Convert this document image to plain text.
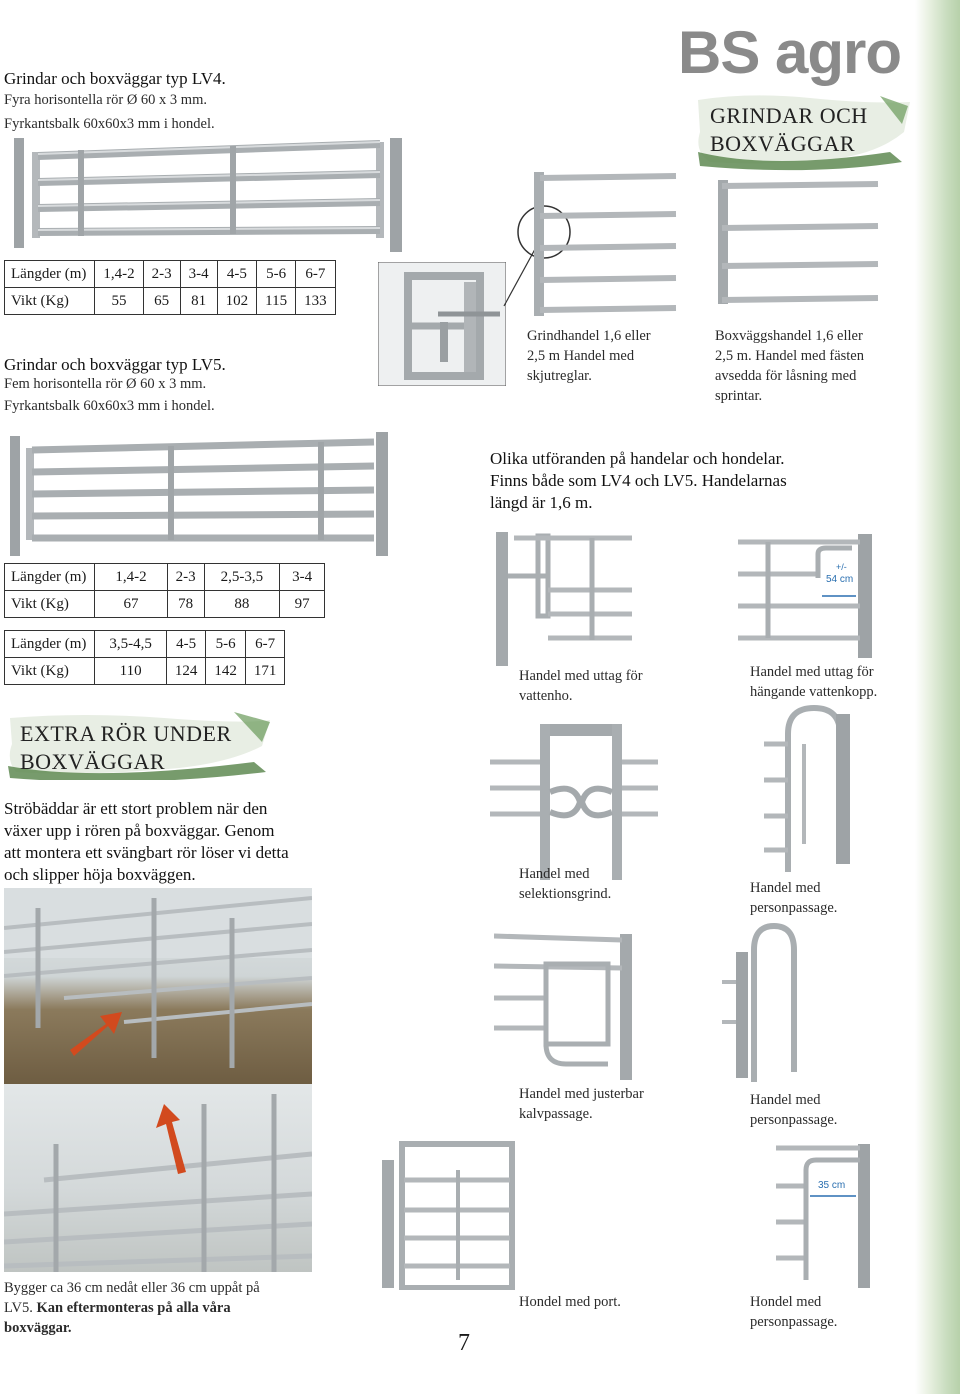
BS agro
GRINDAR OCH
BOXVÄGGAR
Grindar och boxväggar typ LV4.
Fyra horisontella rör Ø 60 x 3 mm.
Fyrkantsbalk 60x60x3 mm i hondel.
Längder (m)	1,4-2	2-3	3-4	4-5	5-6	6-7
Vikt (Kg)	55	65	81	102	115	133
Grindar och boxväggar typ LV5.
Fem horisontella rör Ø 60 x 3 mm.
Fyrkantsbalk 60x60x3 mm i hondel.
Grindhandel 1,6 eller
2,5 m Handel med
skjutreglar.
Boxväggshandel 1,6 eller
2,5 m. Handel med fästen
avsedda för låsning med
sprintar.
Olika utföranden på handelar och hondelar.
Finns både som LV4 och LV5. Handelarnas
längd är 1,6 m.
Längder (m)	1,4-2	2-3	2,5-3,5	3-4
Vikt (Kg)	67	78	88	97
Längder (m)	3,5-4,5	4-5	5-6	6-7
Vikt (Kg)	110	124	142	171	Handel med uttag för
vattenho.
+/-
54 cm
Handel med uttag för
hängande vattenkopp.
EXTRA RÖR UNDER
BOXVÄGGAR
Ströbäddar är ett stort problem när den
växer upp i rören på boxväggar. Genom
att montera ett svängbart rör löser vi detta
och slipper höja boxväggen.	Handel med
selektionsgrind.	Handel med
personpassage.
Handel med justerbar
kalvpassage.
Handel med
personpassage.
Hondel med port.
35 cm
Hondel med
personpassage.
Bygger ca 36 cm nedåt eller 36 cm uppåt på
LV5. Kan eftermonteras på alla våra
boxväggar.
7
